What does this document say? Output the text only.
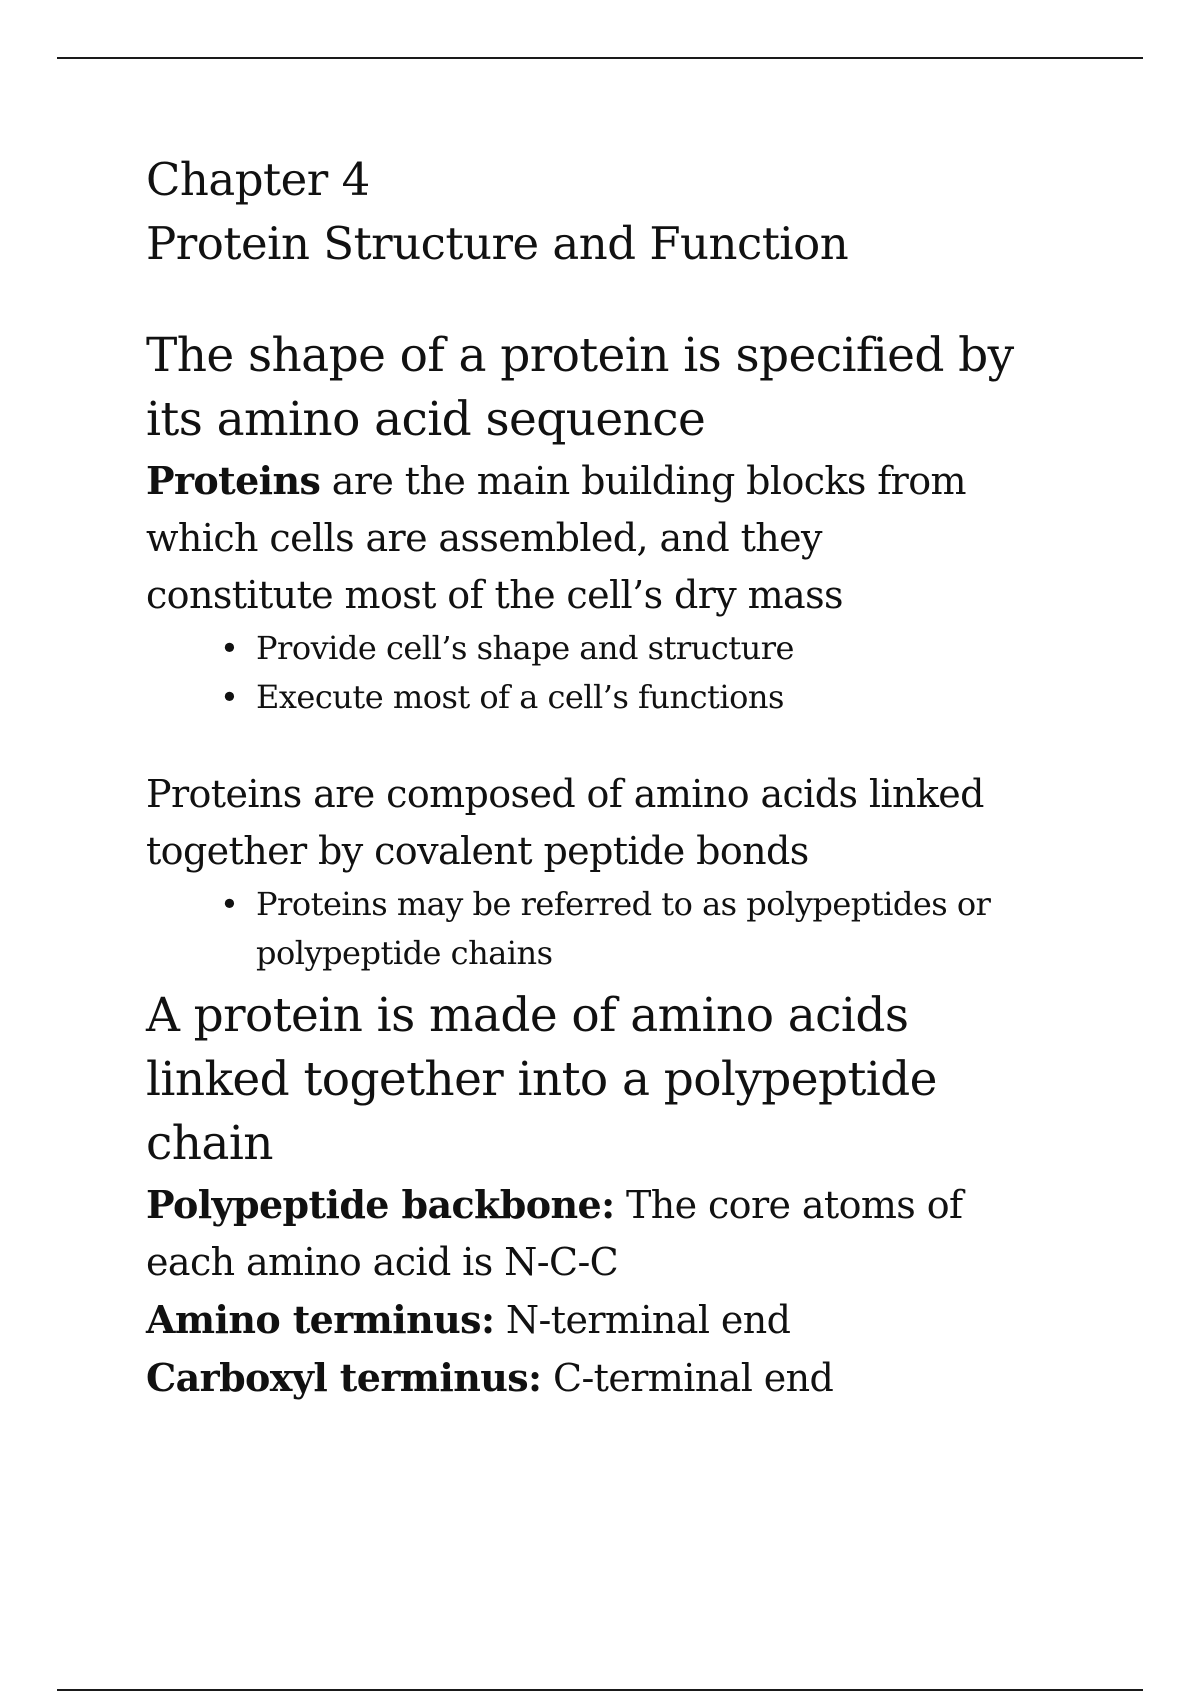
Chapter 4

Protein Structure and Function

The shape of a protein is specified by

its amino acid sequence

Proteins are the main building blocks from

which cells are assembled, and they

constitute most of the cell’s dry mass

• Provide cell’s shape and structure
• Execute most of a cell’s functions

Proteins are composed of amino acids linked

together by covalent peptide bonds

• Proteins may be referred to as polypeptides or polypeptide chains

A protein is made of amino acids

linked together into a polypeptide

chain

Polypeptide backbone: The core atoms of

each amino acid is N-C-C

Amino terminus: N-terminal end

Carboxyl terminus: C-terminal end
